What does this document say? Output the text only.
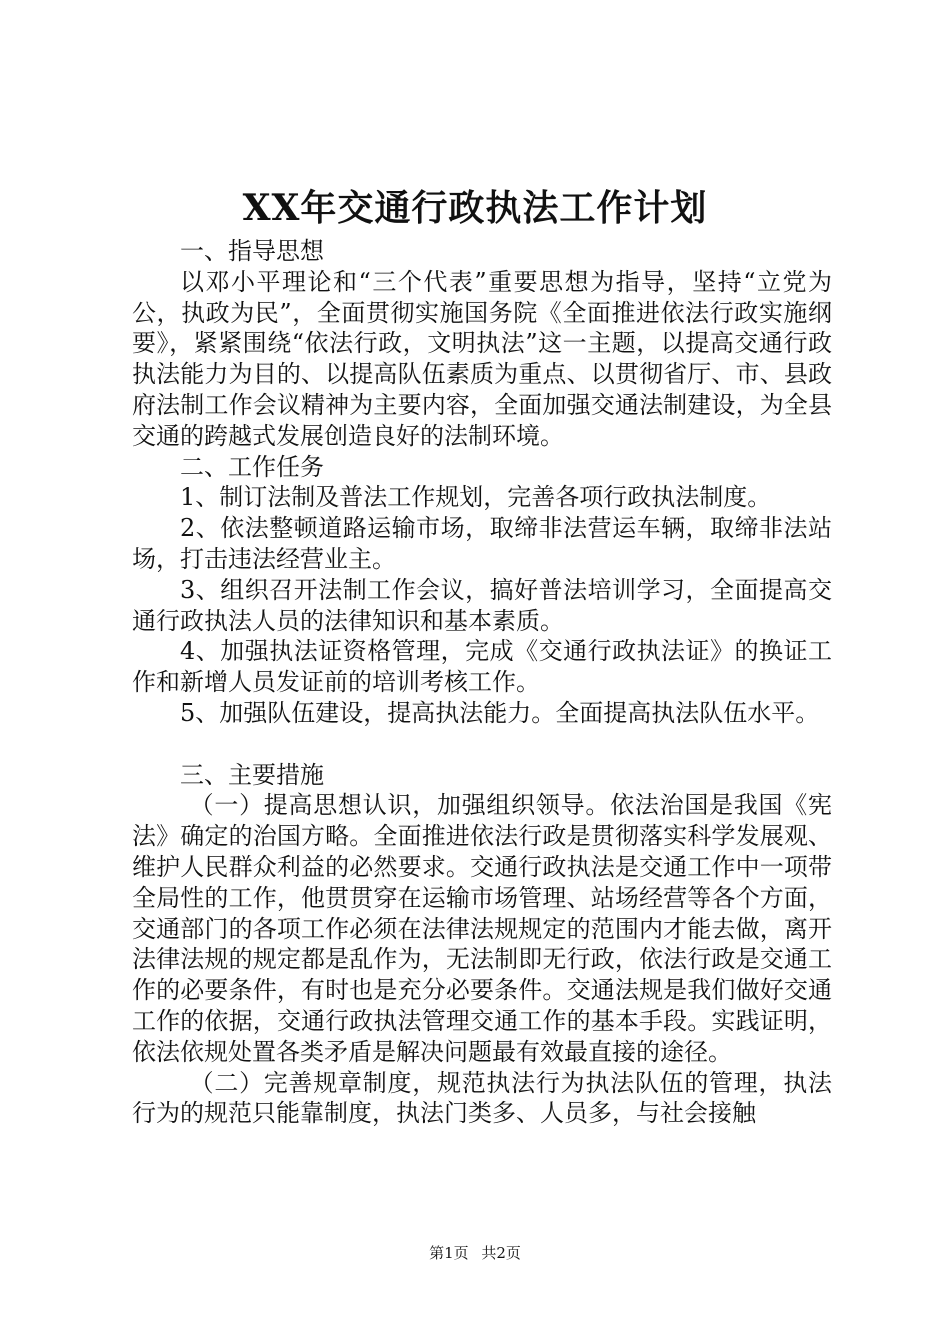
XX年交通行政执法工作计划

一、指导思想

以邓小平理论和“三个代表”重要思想为指导，坚持“立党为公，执政为民”，全面贯彻实施国务院《全面推进依法行政实施纲要》，紧紧围绕“依法行政，文明执法”这一主题，以提高交通行政执法能力为目的、以提高队伍素质为重点、以贯彻省厅、市、县政府法制工作会议精神为主要内容，全面加强交通法制建设，为全县交通的跨越式发展创造良好的法制环境。

二、工作任务

1、制订法制及普法工作规划，完善各项行政执法制度。

2、依法整顿道路运输市场，取缔非法营运车辆，取缔非法站场，打击违法经营业主。

3、组织召开法制工作会议，搞好普法培训学习，全面提高交通行政执法人员的法律知识和基本素质。

4、加强执法证资格管理，完成《交通行政执法证》的换证工作和新增人员发证前的培训考核工作。

5、加强队伍建设，提高执法能力。全面提高执法队伍水平。

三、主要措施

（一）提高思想认识，加强组织领导。依法治国是我国《宪法》确定的治国方略。全面推进依法行政是贯彻落实科学发展观、维护人民群众利益的必然要求。交通行政执法是交通工作中一项带全局性的工作，他贯贯穿在运输市场管理、站场经营等各个方面，交通部门的各项工作必须在法律法规规定的范围内才能去做，离开法律法规的规定都是乱作为，无法制即无行政，依法行政是交通工作的必要条件，有时也是充分必要条件。交通法规是我们做好交通工作的依据，交通行政执法管理交通工作的基本手段。实践证明，依法依规处置各类矛盾是解决问题最有效最直接的途径。

（二）完善规章制度，规范执法行为执法队伍的管理，执法行为的规范只能靠制度，执法门类多、人员多，与社会接触

第1页 共2页
